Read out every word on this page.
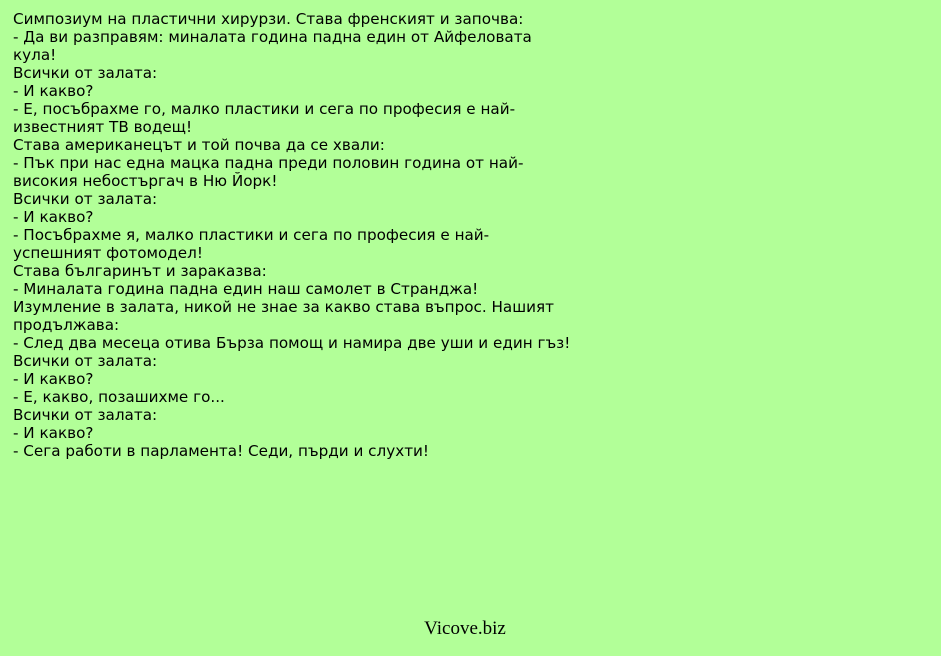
Симпозиум на пластични хирурзи. Става френският и започва:
- Да ви разправям: миналата година падна един от Айфеловата кула!
Всички от залата:
- И какво?
- Е, посъбрахме го, малко пластики и сега по професия е най-известният ТВ водещ!
Става американецът и той почва да се хвали:
- Пък при нас една мацка падна преди половин година от най-високия небостъргач в Ню Йорк!
Всички от залата:
- И какво?
- Посъбрахме я, малко пластики и сега по професия е най-успешният фотомодел!
Става българинът и зараказва:
- Миналата година падна един наш самолет в Странджа!
Изумление в залата, никой не знае за какво става въпрос. Нашият продължава:
- След два месеца отива Бърза помощ и намира две уши и един гъз!
Всички от залата:
- И какво?
- Е, какво, позашихме го...
Всички от залата:
- И какво?
- Сега работи в парламента! Седи, пърди и слухти!
Vicove.biz
